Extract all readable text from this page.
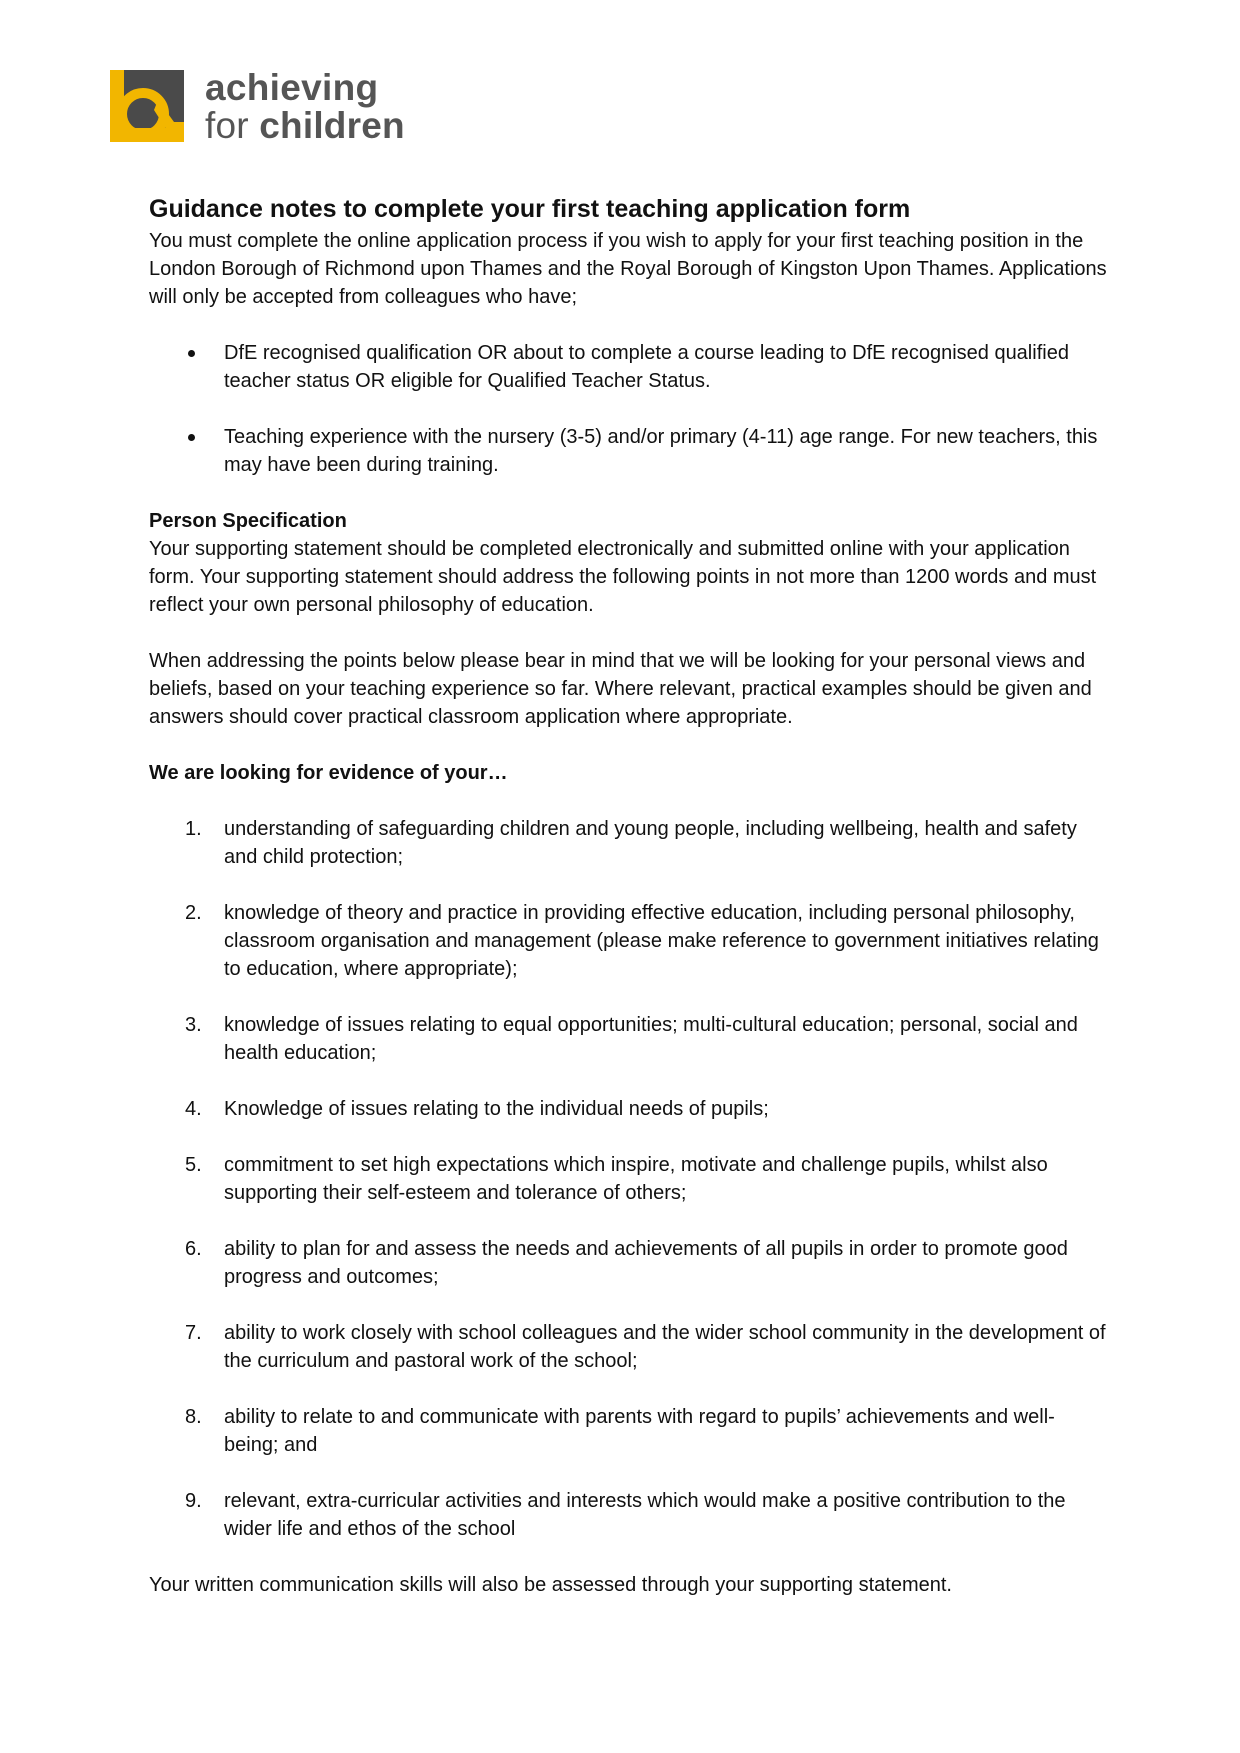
achieving
for children
Guidance notes to complete your first teaching application form

You must complete the online application process if you wish to apply for your first teaching position in the London Borough of Richmond upon Thames and the Royal Borough of Kingston Upon Thames. Applications will only be accepted from colleagues who have;

DfE recognised qualification OR about to complete a course leading to DfE recognised qualified teacher status OR eligible for Qualified Teacher Status.
Teaching experience with the nursery (3-5) and/or primary (4-11) age range. For new teachers, this may have been during training.

Person Specification

Your supporting statement should be completed electronically and submitted online with your application form. Your supporting statement should address the following points in not more than 1200 words and must reflect your own personal philosophy of education.

When addressing the points below please bear in mind that we will be looking for your personal views and beliefs, based on your teaching experience so far. Where relevant, practical examples should be given and answers should cover practical classroom application where appropriate.

We are looking for evidence of your…

1. understanding of safeguarding children and young people, including wellbeing, health and safety and child protection;
2. knowledge of theory and practice in providing effective education, including personal philosophy, classroom organisation and management (please make reference to government initiatives relating to education, where appropriate);
3. knowledge of issues relating to equal opportunities; multi-cultural education; personal, social and health education;
4. Knowledge of issues relating to the individual needs of pupils;
5. commitment to set high expectations which inspire, motivate and challenge pupils, whilst also supporting their self-esteem and tolerance of others;
6. ability to plan for and assess the needs and achievements of all pupils in order to promote good progress and outcomes;
7. ability to work closely with school colleagues and the wider school community in the development of the curriculum and pastoral work of the school;
8. ability to relate to and communicate with parents with regard to pupils’ achievements and well-being; and
9. relevant, extra-curricular activities and interests which would make a positive contribution to the wider life and ethos of the school

Your written communication skills will also be assessed through your supporting statement.
